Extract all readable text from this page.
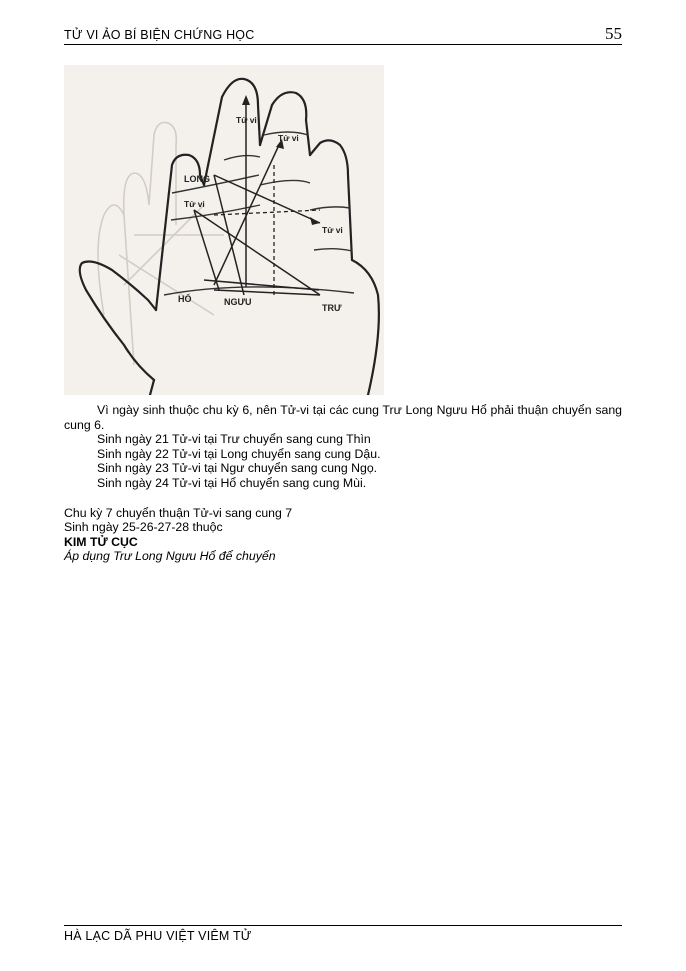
TỬ VI ẢO BÍ BIỆN CHỨNG HỌC	55
Tử vi
Tử vi
LONG
Tử vi
Tử vi
HỔ	NGƯU
TRƯ

Vì ngày sinh thuộc chu kỳ 6, nên Tử-vi tại các cung Trư Long Ngưu Hổ phải thuận chuyển sang cung 6.

Sinh ngày 21 Tử-vi tại Trư chuyển sang cung Thìn

Sinh ngày 22 Tử-vi tại Long chuyển sang cung Dậu.

Sinh ngày 23 Tử-vi tại Ngư chuyển sang cung Ngọ.

Sinh ngày 24 Tử-vi tại Hổ chuyển sang cung Mùi.

Chu kỳ 7 chuyển thuận Tử-vi sang cung 7

Sinh ngày 25-26-27-28 thuộc

KIM TỬ CỤC

Áp dụng Trư Long Ngưu Hổ để chuyển

HÀ LẠC DÃ PHU VIỆT VIÊM TỬ
